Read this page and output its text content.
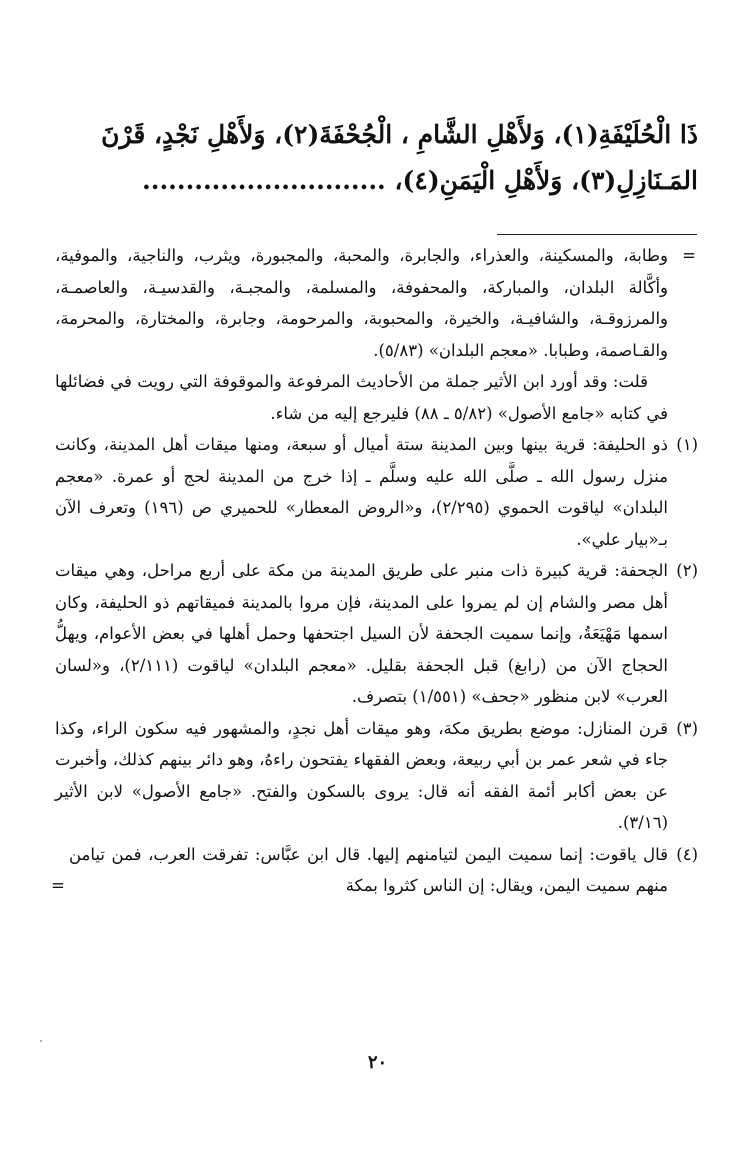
ذَا الْحُلَيْفَةِ(١)، وَلأَهْلِ الشَّامِ ، الْجُحْفَةَ(٢)، وَلأَهْلِ نَجْدٍ، قَرْنَ
المَـنَازِلِ(٣)، وَلأَهْلِ الْيَمَنِ(٤)، ............................

=
وطابة، والمسكينة، والعذراء، والجابرة، والمحبة، والمجبورة، ويثرب، والناجية، والموفية، وأكَّالة البلدان، والمباركة، والمحفوفة، والمسلمة، والمجبـة، والقدسيـة، والعاصمـة، والمرزوقـة، والشافيـة، والخيرة، والمحبوبة، والمرحومة، وجابرة، والمختارة، والمحرمة، والقـاصمة، وطبابا. «معجم البلدان» (٥/٨٣).

قلت: وقد أورد ابن الأثير جملة من الأحاديث المرفوعة والموقوفة التي رويت في فضائلها في كتابه «جامع الأصول» (٥/٨٢ ـ ٨٨) فليرجع إليه من شاء.

(١)
ذو الحليفة: قرية بينها وبين المدينة ستة أميال أو سبعة، ومنها ميقات أهل المدينة، وكانت منزل رسول الله ـ صلَّى الله عليه وسلَّم ـ إذا خرج من المدينة لحج أو عمرة. «معجم البلدان» لياقوت الحموي (٢/٢٩٥)، و«الروض المعطار» للحميري ص (١٩٦) وتعرف الآن بـ«بيار علي».

(٢)
الجحفة: قرية كبيرة ذات منبر على طريق المدينة من مكة على أربع مراحل، وهي ميقات أهل مصر والشام إن لم يمروا على المدينة، فإن مروا بالمدينة فميقاتهم ذو الحليفة، وكان اسمها مَهْيَعَةُ، وإنما سميت الجحفة لأن السيل اجتحفها وحمل أهلها في بعض الأعوام، ويهلُّ الحجاج الآن من (رابغ) قبل الجحفة بقليل. «معجم البلدان» لياقوت (٢/١١١)، و«لسان العرب» لابن منظور «جحف» (١/٥٥١) بتصرف.

(٣)
قرن المنازل: موضع بطريق مكة، وهو ميقات أهل نجدٍ، والمشهور فيه سكون الراء، وكذا جاء في شعر عمر بن أبي ربيعة، وبعض الفقهاء يفتحون راءهُ، وهو دائر بينهم كذلك، وأخبرت عن بعض أكابر أئمة الفقه أنه قال: يروى بالسكون والفتح. «جامع الأصول» لابن الأثير (٣/١٦).

(٤)
قال ياقوت: إنما سميت اليمن لتيامنهم إليها. قال ابن عبَّاس: تفرقت العرب، فمن تيامن منهم سميت اليمن، ويقال: إن الناس كثروا بمكة
=

٢٠
